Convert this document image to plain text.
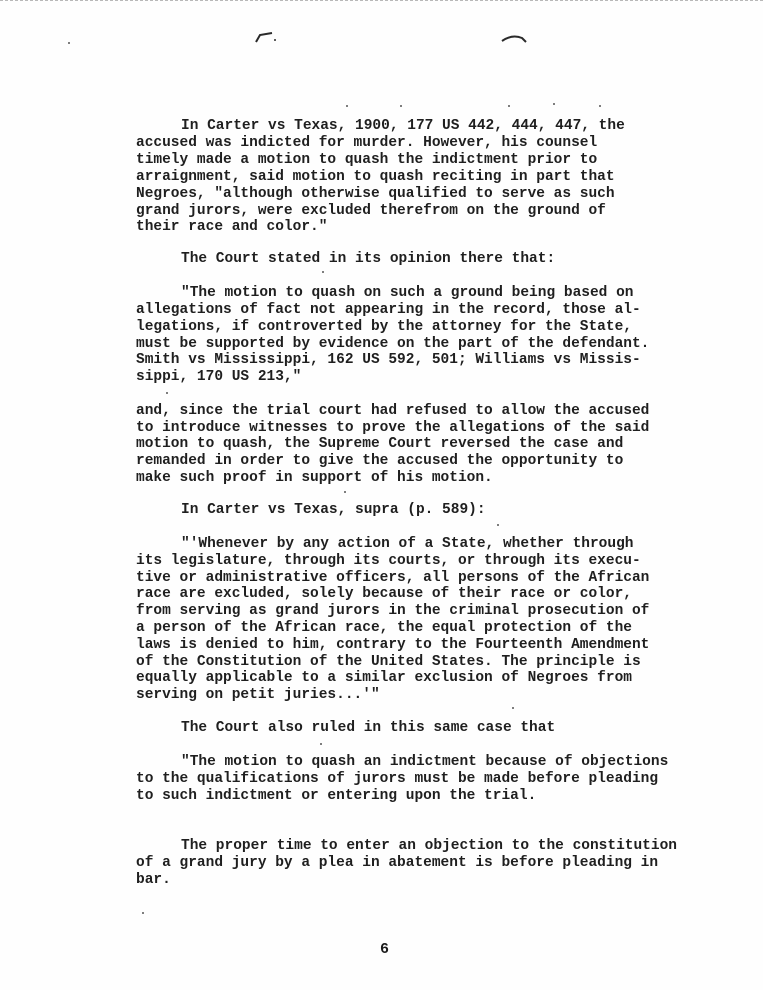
In Carter vs Texas, 1900, 177 US 442, 444, 447, the
accused was indicted for murder. However, his counsel
timely made a motion to quash the indictment prior to
arraignment, said motion to quash reciting in part that
Negroes, "although otherwise qualified to serve as such
grand jurors, were excluded therefrom on the ground of
their race and color."
The Court stated in its opinion there that:
"The motion to quash on such a ground being based on
allegations of fact not appearing in the record, those al-
legations, if controverted by the attorney for the State,
must be supported by evidence on the part of the defendant.
Smith vs Mississippi, 162 US 592, 501; Williams vs Missis-
sippi, 170 US 213,"
and, since the trial court had refused to allow the accused
to introduce witnesses to prove the allegations of the said
motion to quash, the Supreme Court reversed the case and
remanded in order to give the accused the opportunity to
make such proof in support of his motion.
In Carter vs Texas, supra (p. 589):
"'Whenever by any action of a State, whether through
its legislature, through its courts, or through its execu-
tive or administrative officers, all persons of the African
race are excluded, solely because of their race or color,
from serving as grand jurors in the criminal prosecution of
a person of the African race, the equal protection of the
laws is denied to him, contrary to the Fourteenth Amendment
of the Constitution of the United States. The principle is
equally applicable to a similar exclusion of Negroes from
serving on petit juries...'"
The Court also ruled in this same case that
"The motion to quash an indictment because of objections
to the qualifications of jurors must be made before pleading
to such indictment or entering upon the trial.
The proper time to enter an objection to the constitution
of a grand jury by a plea in abatement is before pleading in
bar.
6
